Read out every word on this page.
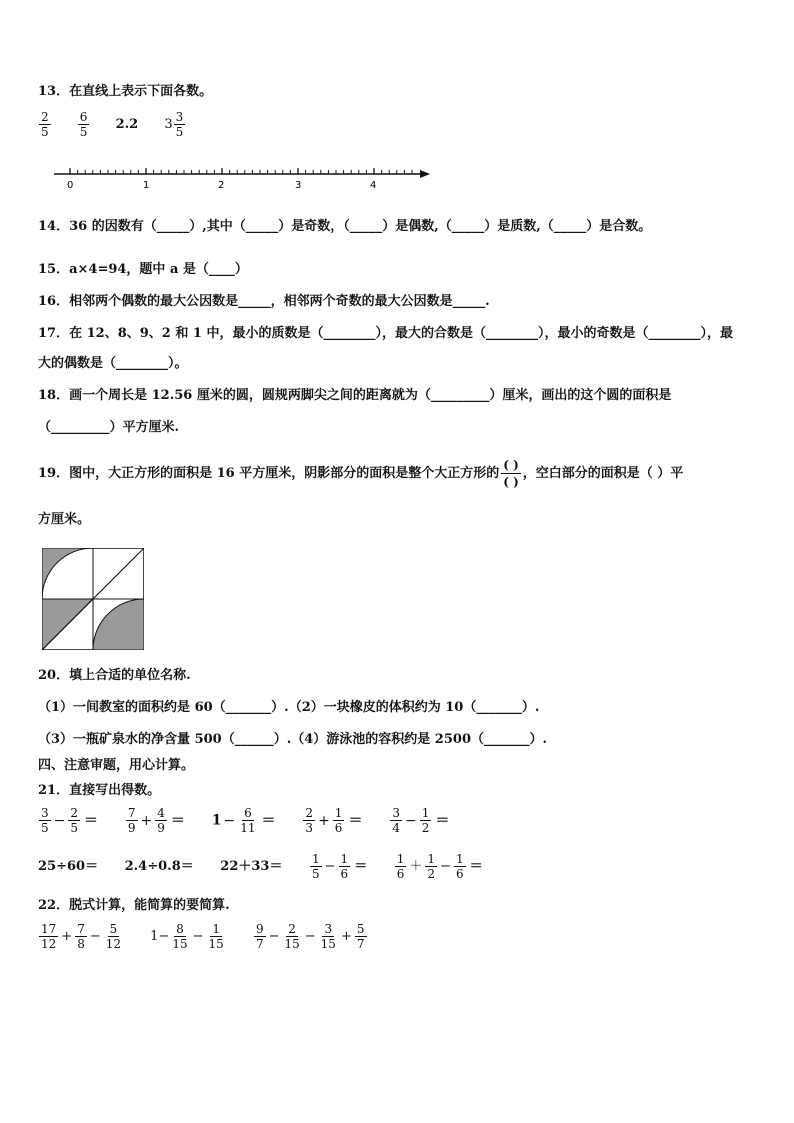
13．在直线上表示下面各数。
$\frac{2}{5}$
$\frac{6}{5} 2.2$ $3 \frac{3}{5}$
0	1	2	3	4
14．36 的因数有（_____）,其中（_____）是奇数，（_____）是偶数,（_____）是质数,（_____）是合数。
15．a×4=94，题中 a 是（____）
16．相邻两个偶数的最大公因数是_____，相邻两个奇数的最大公因数是_____.
17．在 12、8、9、2 和 1 中，最小的质数是（________），最大的合数是（________），最小的奇数是（________），最
大的偶数是（________）。
18．画一个周长是 12.56 厘米的圆，圆规两脚尖之间的距离就为（_________）厘米，画出的这个圆的面积是
（_________）平方厘米.
19．图中，大正方形的面积是 16 平方厘米，阴影部分的面积是整个大正方形的 $\frac{( )}{( )}$ ，空白部分的面积是（ ）平
方厘米。
20．填上合适的单位名称.
（1）一间教室的面积约是 60（_______）.（2）一块橡皮的体积约为 10（_______）.
（3）一瓶矿泉水的净含量 500（______）.（4）游泳池的容积约是 2500（_______）.
四、注意审题，用心计算。
21．直接写出得数。
$\frac{3}{5} - \frac{2}{5} = \frac{7}{9} + \frac{4}{9} = 1 - \frac{6}{11} = \frac{2}{3} + \frac{1}{6} = \frac{3}{4} - \frac{1}{2}$ ＝
$25\div 60= 2.4\div 0.8= 22+33= \frac{1}{5} - \frac{1}{6} = \frac{1}{6} + \frac{1}{2} - \frac{1}{6}$ ＝
22．脱式计算，能简算的要简算.
$\frac{17}{12} + \frac{7}{8} - \frac{5}{12} 1- \frac{8}{15} - \frac{1}{15}$
$\frac{9}{7} - \frac{2}{15} - \frac{3}{15} + \frac{5}{7}$
